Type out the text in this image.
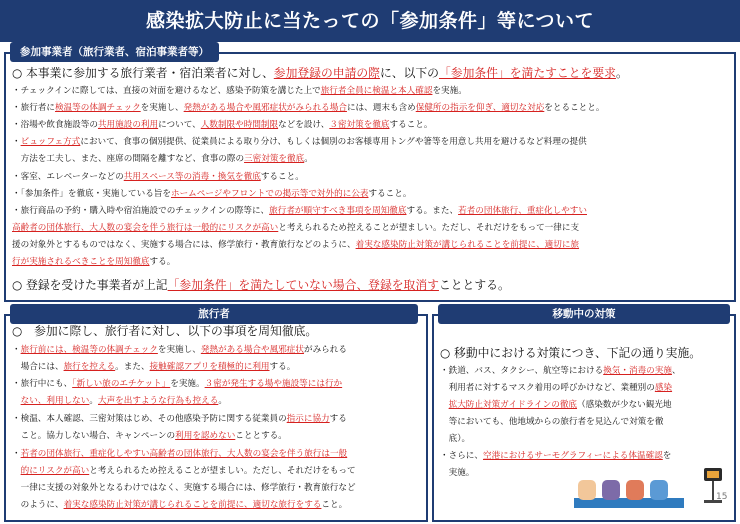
感染拡大防止に当たっての「参加条件」等について
○ 本事業に参加する旅行業者・宿泊業者に対し、参加登録の申請の際に、以下の「参加条件」を満たすことを要求。
・チェックインに際しては、直接の対面を避けるなど、感染予防策を講じた上で旅行者全員に検温と本人確認を実施。
・旅行者に検温等の体調チェックを実施し、発熱がある場合や風邪症状がみられる場合には、週末も含め保健所の指示を仰ぎ、適切な対応をとることと。
・浴場や飲食施設等の共用施設の利用について、人数制限や時間制限などを設け、３密対策を徹底すること。
・ビュッフェ方式において、食事の個別提供、従業員による取り分け、もしくは個別のお客様専用トングや箸等を用意し共用を避けるなど料理の提供
　方法を工夫し、また、座席の間隔を離すなど、食事の際の三密対策を徹底。
・客室、エレベーターなどの共用スペース等の消毒・換気を徹底すること。
・「参加条件」を徹底・実施している旨をホームページやフロントでの掲示等で対外的に公表すること。
・旅行商品の予約・購入時や宿泊施設でのチェックインの際等に、旅行者が順守すべき事項を周知徹底する。また、若者の団体旅行、重症化しやすい
高齢者の団体旅行、大人数の宴会を伴う旅行は一般的にリスクが高いと考えられるため控えることが望ましい。ただし、それだけをもって一律に支
援の対象外とするものではなく、実施する場合には、修学旅行・教育旅行などのように、着実な感染防止対策が講じられることを前提に、適切に旅
行が実施されるべきことを周知徹底する。
○ 登録を受けた事業者が上記「参加条件」を満たしていない場合、登録を取消すこととする。
参加事業者（旅行業者、宿泊事業者等）
○　参加に際し、旅行者に対し、以下の事項を周知徹底。
・旅行前には、検温等の体調チェックを実施し、発熱がある場合や風邪症状がみられる
　場合には、旅行を控える。また、接触確認アプリを積極的に利用する。
・旅行中にも、「新しい旅のエチケット」を実施。３密が発生する場や施設等には行か
　ない、利用しない。大声を出すような行為も控える。
・検温、本人確認、三密対策はじめ、その他感染予防に関する従業員の指示に協力する
　こと。協力しない場合、キャンペーンの利用を認めないこととする。
・若者の団体旅行、重症化しやすい高齢者の団体旅行、大人数の宴会を伴う旅行は一般
　的にリスクが高いと考えられるため控えることが望ましい。ただし、それだけをもって
　一律に支援の対象外となるわけではなく、実施する場合には、修学旅行・教育旅行など
　のように、着実な感染防止対策が講じられることを前提に、適切な旅行をすること。
旅行者
○ 移動中における対策につき、下記の通り実施。
・鉄道、バス、タクシー、航空等における換気・消毒の実施、
　利用者に対するマスク着用の呼びかけなど、業種別の感染
　拡大防止対策ガイドラインの徹底（感染数が少ない観光地
　等においても、他地域からの旅行者を見込んで対策を徹
　底）。
・さらに、空港におけるサーモグラフィーによる体温確認を
　実施。
移動中の対策
15
